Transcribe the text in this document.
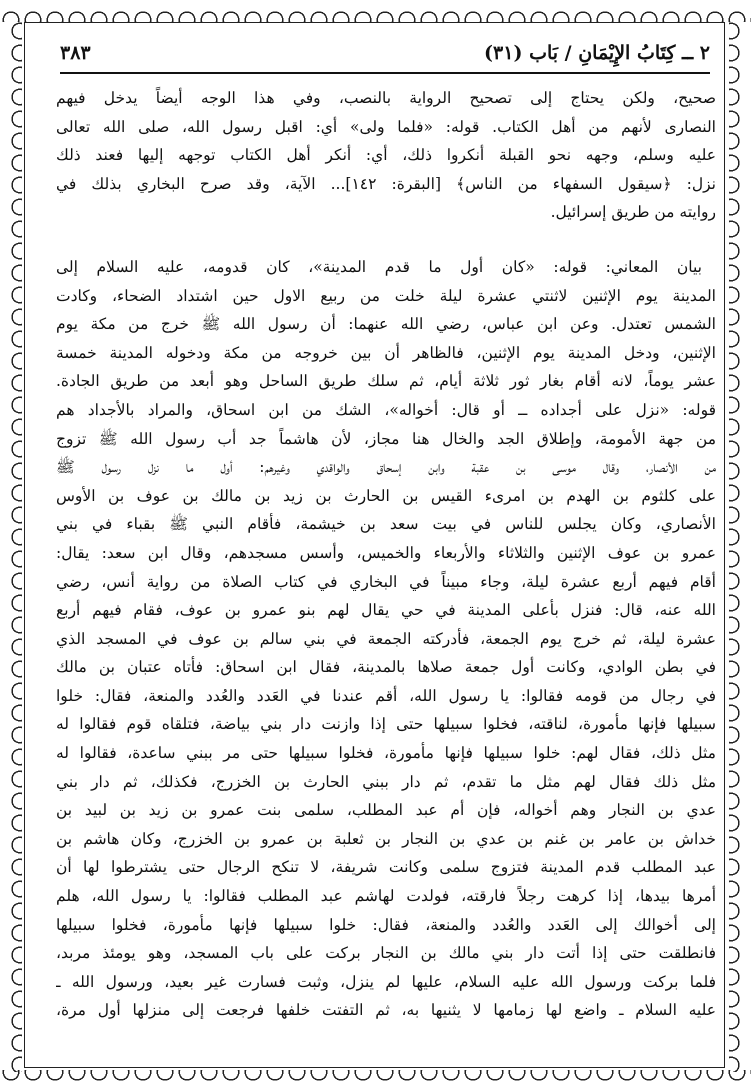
٢ ــ كِتَابُ الإِيْمَانِ / بَاب (٣١)
٣٨٣
صحيح، ولكن يحتاج إلى تصحيح الرواية بالنصب، وفي هذا الوجه أيضاً يدخل فيهم
النصارى لأنهم من أهل الكتاب. قوله: «فلما ولى» أي: اقبل رسول الله، صلى الله تعالى
عليه وسلم، وجهه نحو القبلة أنكروا ذلك، أي: أنكر أهل الكتاب توجهه إليها فعند ذلك
نزل: ﴿سيقول السفهاء من الناس﴾ [البقرة: ١٤٢]... الآية، وقد صرح البخاري بذلك في
روايته من طريق إسرائيل.
بيان المعاني: قوله: «كان أول ما قدم المدينة»، كان قدومه، عليه السلام إلى
المدينة يوم الإثنين لاثنتي عشرة ليلة خلت من ربيع الاول حين اشتداد الضحاء، وكادت
الشمس تعتدل. وعن ابن عباس، رضي الله عنهما: أن رسول الله ﷺ خرج من مكة يوم
الإثنين، ودخل المدينة يوم الإثنين، فالظاهر أن بين خروجه من مكة ودخوله المدينة خمسة
عشر يوماً، لانه أقام بغار ثور ثلاثة أيام، ثم سلك طريق الساحل وهو أبعد من طريق الجادة.
قوله: «نزل على أجداده ــ أو قال: أخواله»، الشك من ابن اسحاق، والمراد بالأجداد هم
من جهة الأمومة، وإطلاق الجد والخال هنا مجاز، لأن هاشماً جد أب رسول الله ﷺ تزوج
من الأنصار، وقال موسى بن عقبة وابن إسحاق والواقدي وغيرهم: أول ما نزل رسول ﷺ
على كلثوم بن الهدم بن امرىء القيس بن الحارث بن زيد بن مالك بن عوف بن الأوس
الأنصاري، وكان يجلس للناس في بيت سعد بن خيشمة، فأقام النبي ﷺ بقباء في بني
عمرو بن عوف الإثنين والثلاثاء والأربعاء والخميس، وأسس مسجدهم، وقال ابن سعد: يقال:
أقام فيهم أربع عشرة ليلة، وجاء مبيناً في البخاري في كتاب الصلاة من رواية أنس، رضي
الله عنه، قال: فنزل بأعلى المدينة في حي يقال لهم بنو عمرو بن عوف، فقام فيهم أربع
عشرة ليلة، ثم خرج يوم الجمعة، فأدركته الجمعة في بني سالم بن عوف في المسجد الذي
في بطن الوادي، وكانت أول جمعة صلاها بالمدينة، فقال ابن اسحاق: فأتاه عتبان بن مالك
في رجال من قومه فقالوا: يا رسول الله، أقم عندنا في العَدد والعُدد والمنعة، فقال: خلوا
سبيلها فإنها مأمورة، لناقته، فخلوا سبيلها حتى إذا وازنت دار بني بياضة، فتلقاه قوم فقالوا له
مثل ذلك، فقال لهم: خلوا سبيلها فإنها مأمورة، فخلوا سبيلها حتى مر ببني ساعدة، فقالوا له
مثل ذلك فقال لهم مثل ما تقدم، ثم دار ببني الحارث بن الخزرج، فكذلك، ثم دار بني
عدي بن النجار وهم أخواله، فإن أم عبد المطلب، سلمى بنت عمرو بن زيد بن لبيد بن
خداش بن عامر بن غنم بن عدي بن النجار بن ثعلبة بن عمرو بن الخزرج، وكان هاشم بن
عبد المطلب قدم المدينة فتزوج سلمى وكانت شريفة، لا تنكح الرجال حتى يشترطوا لها أن
أمرها بيدها، إذا كرهت رجلاً فارقته، فولدت لهاشم عبد المطلب فقالوا: يا رسول الله، هلم
إلى أخوالك إلى العَدد والعُدد والمنعة، فقال: خلوا سبيلها فإنها مأمورة، فخلوا سبيلها
فانطلقت حتى إذا أتت دار بني مالك بن النجار بركت على باب المسجد، وهو يومئذ مربد،
فلما بركت ورسول الله عليه السلام، عليها لم ينزل، وثبت فسارت غير بعيد، ورسول الله ـ
عليه السلام ـ واضع لها زمامها لا يثنيها به، ثم التفتت خلفها فرجعت إلى منزلها أول مرة،
